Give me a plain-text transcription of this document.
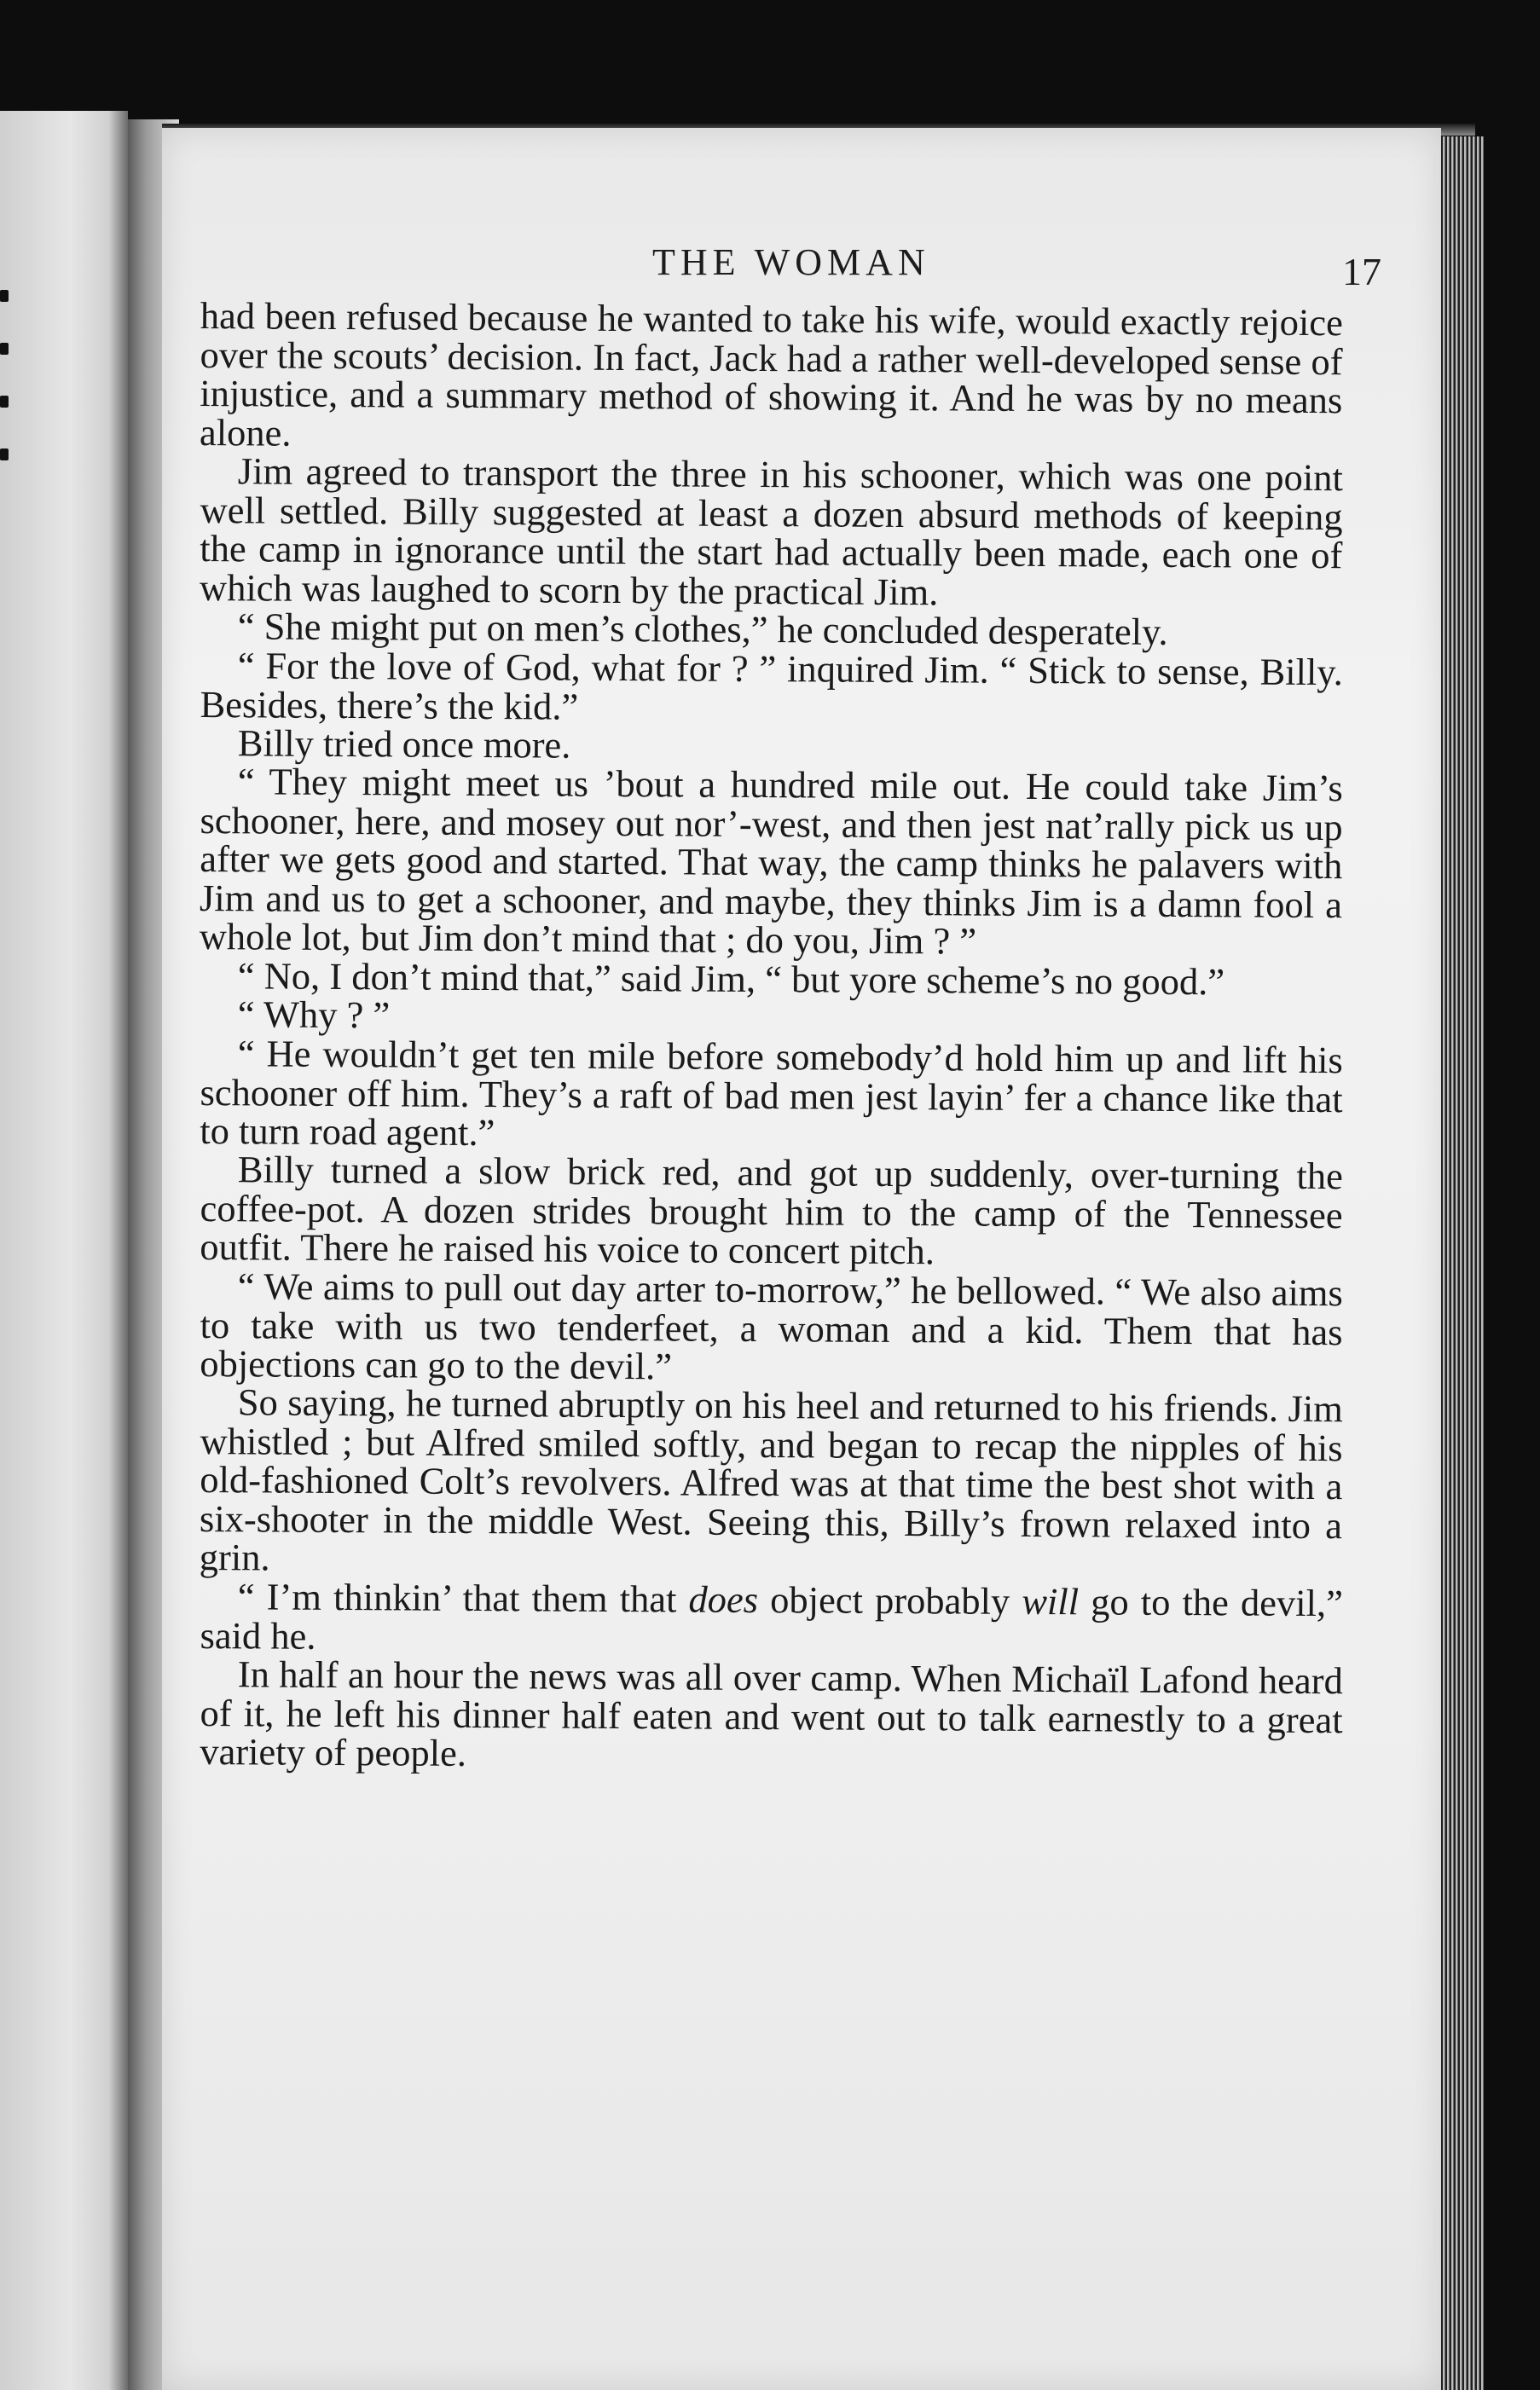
THE WOMAN	17

had been refused because he wanted to take his wife, would exactly rejoice over the scouts’ decision. In fact, Jack had a rather well-developed sense of injustice, and a summary method of showing it. And he was by no means alone.

Jim agreed to transport the three in his schooner, which was one point well settled. Billy suggested at least a dozen absurd methods of keeping the camp in ignorance until the start had actually been made, each one of which was laughed to scorn by the practical Jim.

“ She might put on men’s clothes,” he concluded desperately.

“ For the love of God, what for ? ” inquired Jim. “ Stick to sense, Billy. Besides, there’s the kid.”

Billy tried once more.

“ They might meet us ’bout a hundred mile out. He could take Jim’s schooner, here, and mosey out nor’-west, and then jest nat’rally pick us up after we gets good and started. That way, the camp thinks he palavers with Jim and us to get a schooner, and maybe, they thinks Jim is a damn fool a whole lot, but Jim don’t mind that ; do you, Jim ? ”

“ No, I don’t mind that,” said Jim, “ but yore scheme’s no good.”

“ Why ? ”

“ He wouldn’t get ten mile before somebody’d hold him up and lift his schooner off him. They’s a raft of bad men jest layin’ fer a chance like that to turn road agent.”

Billy turned a slow brick red, and got up suddenly, over-turning the coffee-pot. A dozen strides brought him to the camp of the Tennessee outfit. There he raised his voice to concert pitch.

“ We aims to pull out day arter to-morrow,” he bellowed. “ We also aims to take with us two tenderfeet, a woman and a kid. Them that has objections can go to the devil.”

So saying, he turned abruptly on his heel and returned to his friends. Jim whistled ; but Alfred smiled softly, and began to recap the nipples of his old-fashioned Colt’s revolvers. Alfred was at that time the best shot with a six-shooter in the middle West. Seeing this, Billy’s frown relaxed into a grin.

“ I’m thinkin’ that them that does object probably will go to the devil,” said he.

In half an hour the news was all over camp. When Michaïl Lafond heard of it, he left his dinner half eaten and went out to talk earnestly to a great variety of people.
